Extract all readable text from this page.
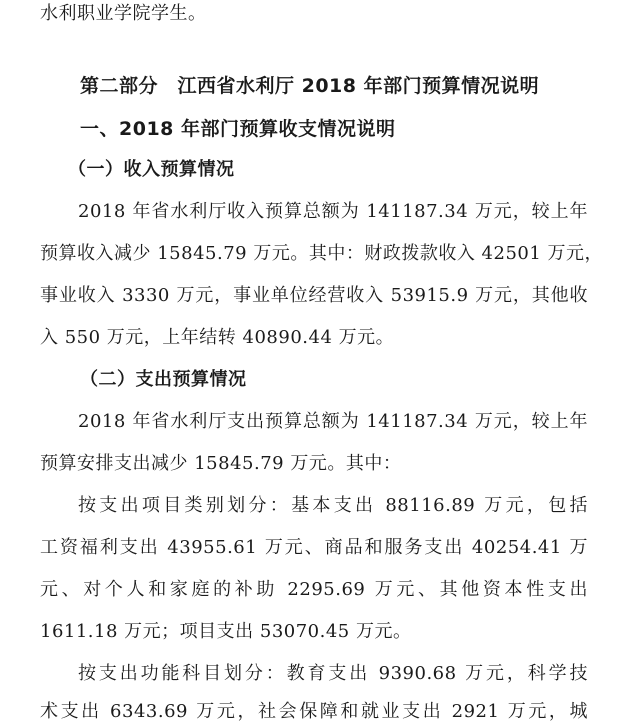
水利职业学院学生。
第二部分　江西省水利厅 2018 年部门预算情况说明
一、2018 年部门预算收支情况说明
（一）收入预算情况
2018 年省水利厅收入预算总额为 141187.34 万元，较上年
预算收入减少 15845.79 万元。其中：财政拨款收入 42501 万元，
事业收入 3330 万元，事业单位经营收入 53915.9 万元，其他收
入 550 万元，上年结转 40890.44 万元。
（二）支出预算情况
2018 年省水利厅支出预算总额为 141187.34 万元，较上年
预算安排支出减少 15845.79 万元。其中：
按支出项目类别划分：基本支出 88116.89 万元，包括
工资福利支出 43955.61 万元、商品和服务支出 40254.41 万
元、对个人和家庭的补助 2295.69 万元、其他资本性支出
1611.18 万元；项目支出 53070.45 万元。
按支出功能科目划分：教育支出 9390.68 万元，科学技
术支出 6343.69 万元，社会保障和就业支出 2921 万元，城
